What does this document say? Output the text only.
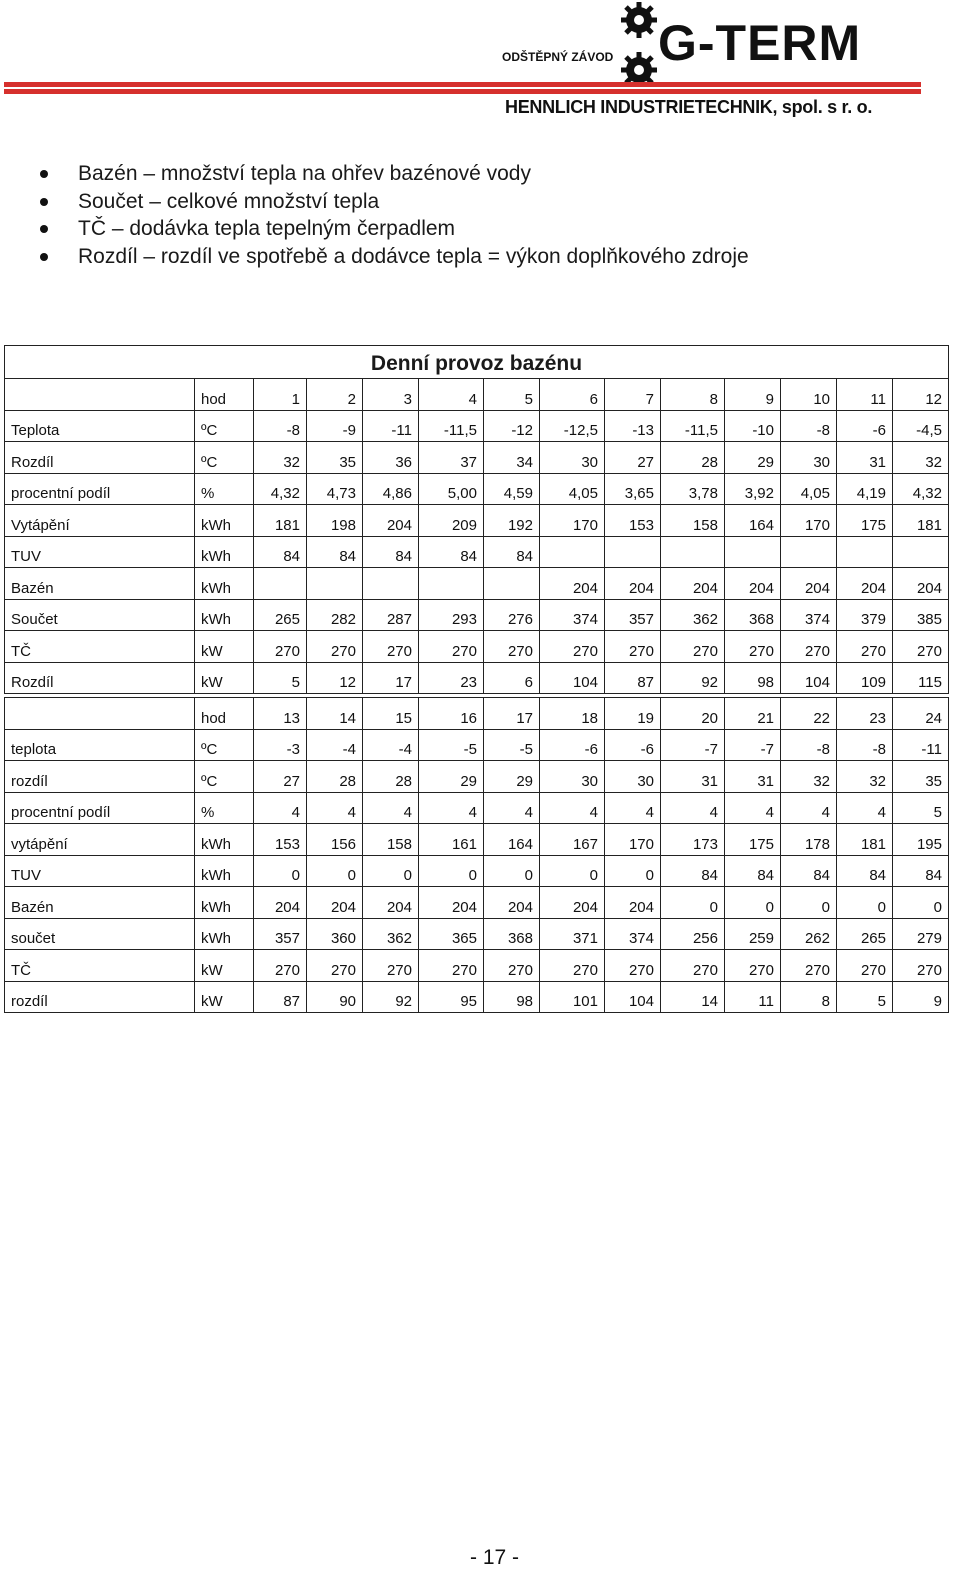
G-TERM
ODŠTĚPNÝ ZÁVOD
HENNLICH INDUSTRIETECHNIK, spol. s r. o.
Bazén – množství tepla na ohřev bazénové vody
Součet – celkové množství tepla
TČ – dodávka tepla tepelným čerpadlem
Rozdíl – rozdíl ve spotřebě a dodávce tepla = výkon doplňkového zdroje
Denní provoz bazénu													
	hod	1	2	3	4	5	6	7	8	9	10	11	12
Teplota	ºC	-8	-9	-11	-11,5	-12	-12,5	-13	-11,5	-10	-8	-6	-4,5
Rozdíl	ºC	32	35	36	37	34	30	27	28	29	30	31	32
procentní podíl	%	4,32	4,73	4,86	5,00	4,59	4,05	3,65	3,78	3,92	4,05	4,19	4,32
Vytápění	kWh	181	198	204	209	192	170	153	158	164	170	175	181
TUV	kWh	84	84	84	84	84							
Bazén	kWh						204	204	204	204	204	204	204
Součet	kWh	265	282	287	293	276	374	357	362	368	374	379	385
TČ	kW	270	270	270	270	270	270	270	270	270	270	270	270
Rozdíl	kW	5	12	17	23	6	104	87	92	98	104	109	115
	hod	13	14	15	16	17	18	19	20	21	22	23	24
teplota	ºC	-3	-4	-4	-5	-5	-6	-6	-7	-7	-8	-8	-11
rozdíl	ºC	27	28	28	29	29	30	30	31	31	32	32	35
procentní podíl	%	4	4	4	4	4	4	4	4	4	4	4	5
vytápění	kWh	153	156	158	161	164	167	170	173	175	178	181	195
TUV	kWh	0	0	0	0	0	0	0	84	84	84	84	84
Bazén	kWh	204	204	204	204	204	204	204	0	0	0	0	0
součet	kWh	357	360	362	365	368	371	374	256	259	262	265	279
TČ	kW	270	270	270	270	270	270	270	270	270	270	270	270
rozdíl	kW	87	90	92	95	98	101	104	14	11	8	5	9
- 17 -
